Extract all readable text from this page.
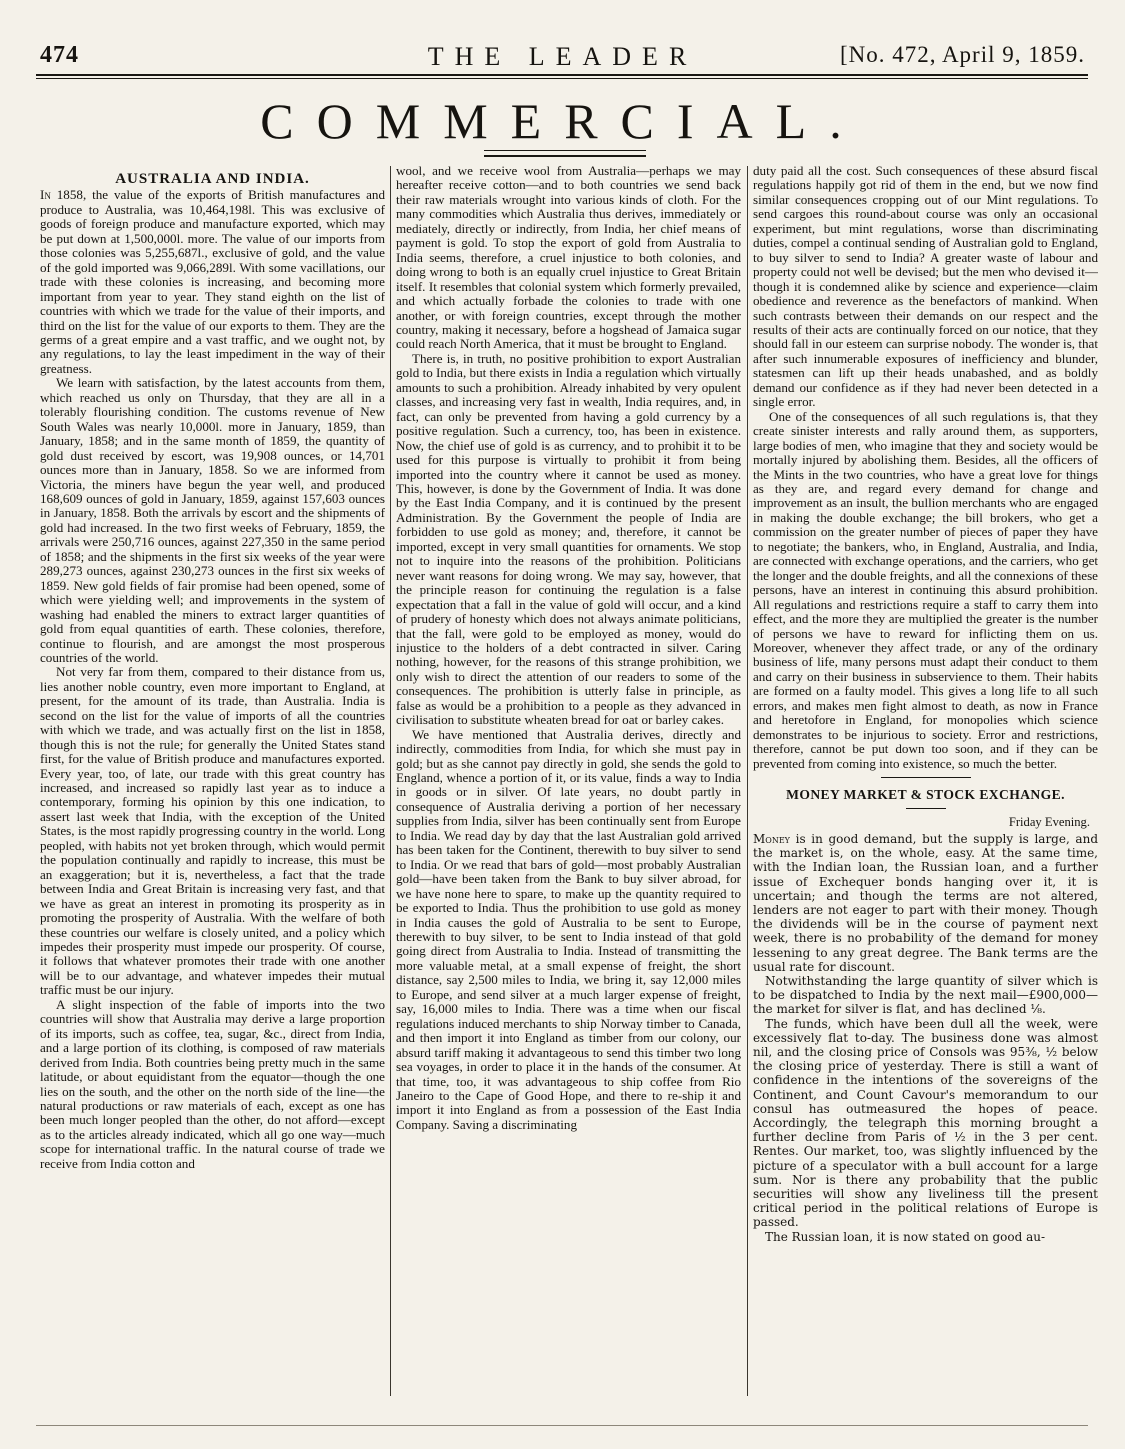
474	THE LEADER	[No. 472, April 9, 1859.
COMMERCIAL.
AUSTRALIA AND INDIA.

In 1858, the value of the exports of British manufactures and produce to Australia, was 10,464,198l. This was exclusive of goods of foreign produce and manufacture exported, which may be put down at 1,500,000l. more. The value of our imports from those colonies was 5,255,687l., exclusive of gold, and the value of the gold imported was 9,066,289l. With some vacillations, our trade with these colonies is increasing, and becoming more important from year to year. They stand eighth on the list of countries with which we trade for the value of their imports, and third on the list for the value of our exports to them. They are the germs of a great empire and a vast traffic, and we ought not, by any regulations, to lay the least impediment in the way of their greatness.

We learn with satisfaction, by the latest accounts from them, which reached us only on Thursday, that they are all in a tolerably flourishing condition. The customs revenue of New South Wales was nearly 10,000l. more in January, 1859, than January, 1858; and in the same month of 1859, the quantity of gold dust received by escort, was 19,908 ounces, or 14,701 ounces more than in January, 1858. So we are informed from Victoria, the miners have begun the year well, and produced 168,609 ounces of gold in January, 1859, against 157,603 ounces in January, 1858. Both the arrivals by escort and the shipments of gold had increased. In the two first weeks of February, 1859, the arrivals were 250,716 ounces, against 227,350 in the same period of 1858; and the shipments in the first six weeks of the year were 289,273 ounces, against 230,273 ounces in the first six weeks of 1859. New gold fields of fair promise had been opened, some of which were yielding well; and improvements in the system of washing had enabled the miners to extract larger quantities of gold from equal quantities of earth. These colonies, therefore, continue to flourish, and are amongst the most prosperous countries of the world.

Not very far from them, compared to their distance from us, lies another noble country, even more important to England, at present, for the amount of its trade, than Australia. India is second on the list for the value of imports of all the countries with which we trade, and was actually first on the list in 1858, though this is not the rule; for generally the United States stand first, for the value of British produce and manufactures exported. Every year, too, of late, our trade with this great country has increased, and increased so rapidly last year as to induce a contemporary, forming his opinion by this one indication, to assert last week that India, with the exception of the United States, is the most rapidly progressing country in the world. Long peopled, with habits not yet broken through, which would permit the population continually and rapidly to increase, this must be an exaggeration; but it is, nevertheless, a fact that the trade between India and Great Britain is increasing very fast, and that we have as great an interest in promoting its prosperity as in promoting the prosperity of Australia. With the welfare of both these countries our welfare is closely united, and a policy which impedes their prosperity must impede our prosperity. Of course, it follows that whatever promotes their trade with one another will be to our advantage, and whatever impedes their mutual traffic must be our injury.

A slight inspection of the fable of imports into the two countries will show that Australia may derive a large proportion of its imports, such as coffee, tea, sugar, &c., direct from India, and a large portion of its clothing, is composed of raw materials derived from India. Both countries being pretty much in the same latitude, or about equidistant from the equator—though the one lies on the south, and the other on the north side of the line—the natural productions or raw materials of each, except as one has been much longer peopled than the other, do not afford—except as to the articles already indicated, which all go one way—much scope for international traffic. In the natural course of trade we receive from India cotton and

wool, and we receive wool from Australia—perhaps we may hereafter receive cotton—and to both countries we send back their raw materials wrought into various kinds of cloth. For the many commodities which Australia thus derives, immediately or mediately, directly or indirectly, from India, her chief means of payment is gold. To stop the export of gold from Australia to India seems, therefore, a cruel injustice to both colonies, and doing wrong to both is an equally cruel injustice to Great Britain itself. It resembles that colonial system which formerly prevailed, and which actually forbade the colonies to trade with one another, or with foreign countries, except through the mother country, making it necessary, before a hogshead of Jamaica sugar could reach North America, that it must be brought to England.

There is, in truth, no positive prohibition to export Australian gold to India, but there exists in India a regulation which virtually amounts to such a prohibition. Already inhabited by very opulent classes, and increasing very fast in wealth, India requires, and, in fact, can only be prevented from having a gold currency by a positive regulation. Such a currency, too, has been in existence. Now, the chief use of gold is as currency, and to prohibit it to be used for this purpose is virtually to prohibit it from being imported into the country where it cannot be used as money. This, however, is done by the Government of India. It was done by the East India Company, and it is continued by the present Administration. By the Government the people of India are forbidden to use gold as money; and, therefore, it cannot be imported, except in very small quantities for ornaments. We stop not to inquire into the reasons of the prohibition. Politicians never want reasons for doing wrong. We may say, however, that the principle reason for continuing the regulation is a false expectation that a fall in the value of gold will occur, and a kind of prudery of honesty which does not always animate politicians, that the fall, were gold to be employed as money, would do injustice to the holders of a debt contracted in silver. Caring nothing, however, for the reasons of this strange prohibition, we only wish to direct the attention of our readers to some of the consequences. The prohibition is utterly false in principle, as false as would be a prohibition to a people as they advanced in civilisation to substitute wheaten bread for oat or barley cakes.

We have mentioned that Australia derives, directly and indirectly, commodities from India, for which she must pay in gold; but as she cannot pay directly in gold, she sends the gold to England, whence a portion of it, or its value, finds a way to India in goods or in silver. Of late years, no doubt partly in consequence of Australia deriving a portion of her necessary supplies from India, silver has been continually sent from Europe to India. We read day by day that the last Australian gold arrived has been taken for the Continent, therewith to buy silver to send to India. Or we read that bars of gold—most probably Australian gold—have been taken from the Bank to buy silver abroad, for we have none here to spare, to make up the quantity required to be exported to India. Thus the prohibition to use gold as money in India causes the gold of Australia to be sent to Europe, therewith to buy silver, to be sent to India instead of that gold going direct from Australia to India. Instead of transmitting the more valuable metal, at a small expense of freight, the short distance, say 2,500 miles to India, we bring it, say 12,000 miles to Europe, and send silver at a much larger expense of freight, say, 16,000 miles to India. There was a time when our fiscal regulations induced merchants to ship Norway timber to Canada, and then import it into England as timber from our colony, our absurd tariff making it advantageous to send this timber two long sea voyages, in order to place it in the hands of the consumer. At that time, too, it was advantageous to ship coffee from Rio Janeiro to the Cape of Good Hope, and there to re-ship it and import it into England as from a possession of the East India Company. Saving a discriminating

duty paid all the cost. Such consequences of these absurd fiscal regulations happily got rid of them in the end, but we now find similar consequences cropping out of our Mint regulations. To send cargoes this round-about course was only an occasional experiment, but mint regulations, worse than discriminating duties, compel a continual sending of Australian gold to England, to buy silver to send to India? A greater waste of labour and property could not well be devised; but the men who devised it—though it is condemned alike by science and experience—claim obedience and reverence as the benefactors of mankind. When such contrasts between their demands on our respect and the results of their acts are continually forced on our notice, that they should fall in our esteem can surprise nobody. The wonder is, that after such innumerable exposures of inefficiency and blunder, statesmen can lift up their heads unabashed, and as boldly demand our confidence as if they had never been detected in a single error.

One of the consequences of all such regulations is, that they create sinister interests and rally around them, as supporters, large bodies of men, who imagine that they and society would be mortally injured by abolishing them. Besides, all the officers of the Mints in the two countries, who have a great love for things as they are, and regard every demand for change and improvement as an insult, the bullion merchants who are engaged in making the double exchange; the bill brokers, who get a commission on the greater number of pieces of paper they have to negotiate; the bankers, who, in England, Australia, and India, are connected with exchange operations, and the carriers, who get the longer and the double freights, and all the connexions of these persons, have an interest in continuing this absurd prohibition. All regulations and restrictions require a staff to carry them into effect, and the more they are multiplied the greater is the number of persons we have to reward for inflicting them on us. Moreover, whenever they affect trade, or any of the ordinary business of life, many persons must adapt their conduct to them and carry on their business in subservience to them. Their habits are formed on a faulty model. This gives a long life to all such errors, and makes men fight almost to death, as now in France and heretofore in England, for monopolies which science demonstrates to be injurious to society. Error and restrictions, therefore, cannot be put down too soon, and if they can be prevented from coming into existence, so much the better.

MONEY MARKET & STOCK EXCHANGE.
Friday Evening.

Money is in good demand, but the supply is large, and the market is, on the whole, easy. At the same time, with the Indian loan, the Russian loan, and a further issue of Exchequer bonds hanging over it, it is uncertain; and though the terms are not altered, lenders are not eager to part with their money. Though the dividends will be in the course of payment next week, there is no probability of the demand for money lessening to any great degree. The Bank terms are the usual rate for discount.

Notwithstanding the large quantity of silver which is to be dispatched to India by the next mail—£900,000—the market for silver is flat, and has declined ⅛.

The funds, which have been dull all the week, were excessively flat to-day. The business done was almost nil, and the closing price of Consols was 95⅜, ½ below the closing price of yesterday. There is still a want of confidence in the intentions of the sovereigns of the Continent, and Count Cavour's memorandum to our consul has outmeasured the hopes of peace. Accordingly, the telegraph this morning brought a further decline from Paris of ½ in the 3 per cent. Rentes. Our market, too, was slightly influenced by the picture of a speculator with a bull account for a large sum. Nor is there any probability that the public securities will show any liveliness till the present critical period in the political relations of Europe is passed.

The Russian loan, it is now stated on good au-
